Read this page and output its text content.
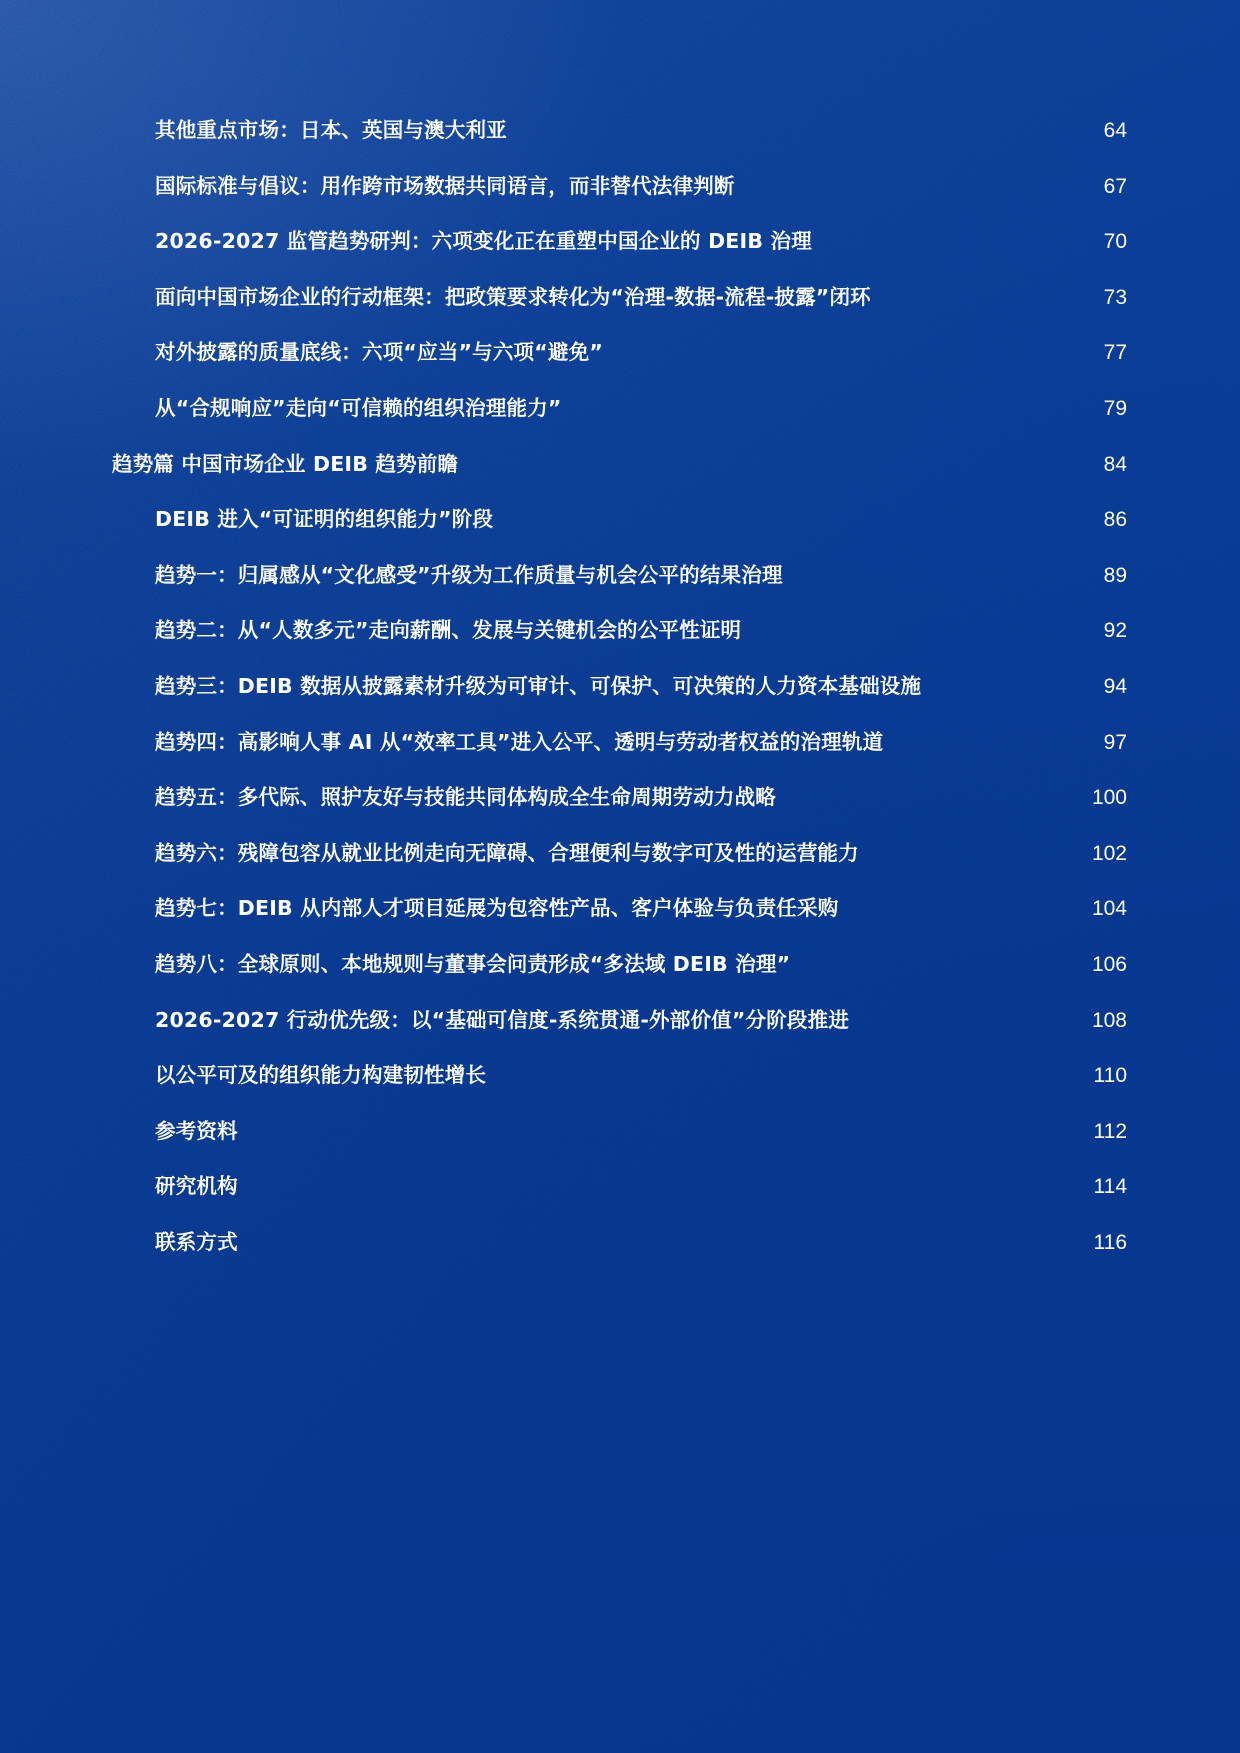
其他重点市场：日本、英国与澳大利亚	64
国际标准与倡议：用作跨市场数据共同语言，而非替代法律判断	67
2026-2027 监管趋势研判：六项变化正在重塑中国企业的 DEIB 治理	70
面向中国市场企业的行动框架：把政策要求转化为“治理-数据-流程-披露”闭环	73
对外披露的质量底线：六项“应当”与六项“避免”	77
从“合规响应”走向“可信赖的组织治理能力”	79
趋势篇 中国市场企业 DEIB 趋势前瞻	84
DEIB 进入“可证明的组织能力”阶段	86
趋势一：归属感从“文化感受”升级为工作质量与机会公平的结果治理	89
趋势二：从“人数多元”走向薪酬、发展与关键机会的公平性证明	92
趋势三：DEIB 数据从披露素材升级为可审计、可保护、可决策的人力资本基础设施	94
趋势四：高影响人事 AI 从“效率工具”进入公平、透明与劳动者权益的治理轨道	97
趋势五：多代际、照护友好与技能共同体构成全生命周期劳动力战略	100
趋势六：残障包容从就业比例走向无障碍、合理便利与数字可及性的运营能力	102
趋势七：DEIB 从内部人才项目延展为包容性产品、客户体验与负责任采购	104
趋势八：全球原则、本地规则与董事会问责形成“多法域 DEIB 治理”	106
2026-2027 行动优先级：以“基础可信度-系统贯通-外部价值”分阶段推进	108
以公平可及的组织能力构建韧性增长	110
参考资料	112
研究机构	114
联系方式	116
